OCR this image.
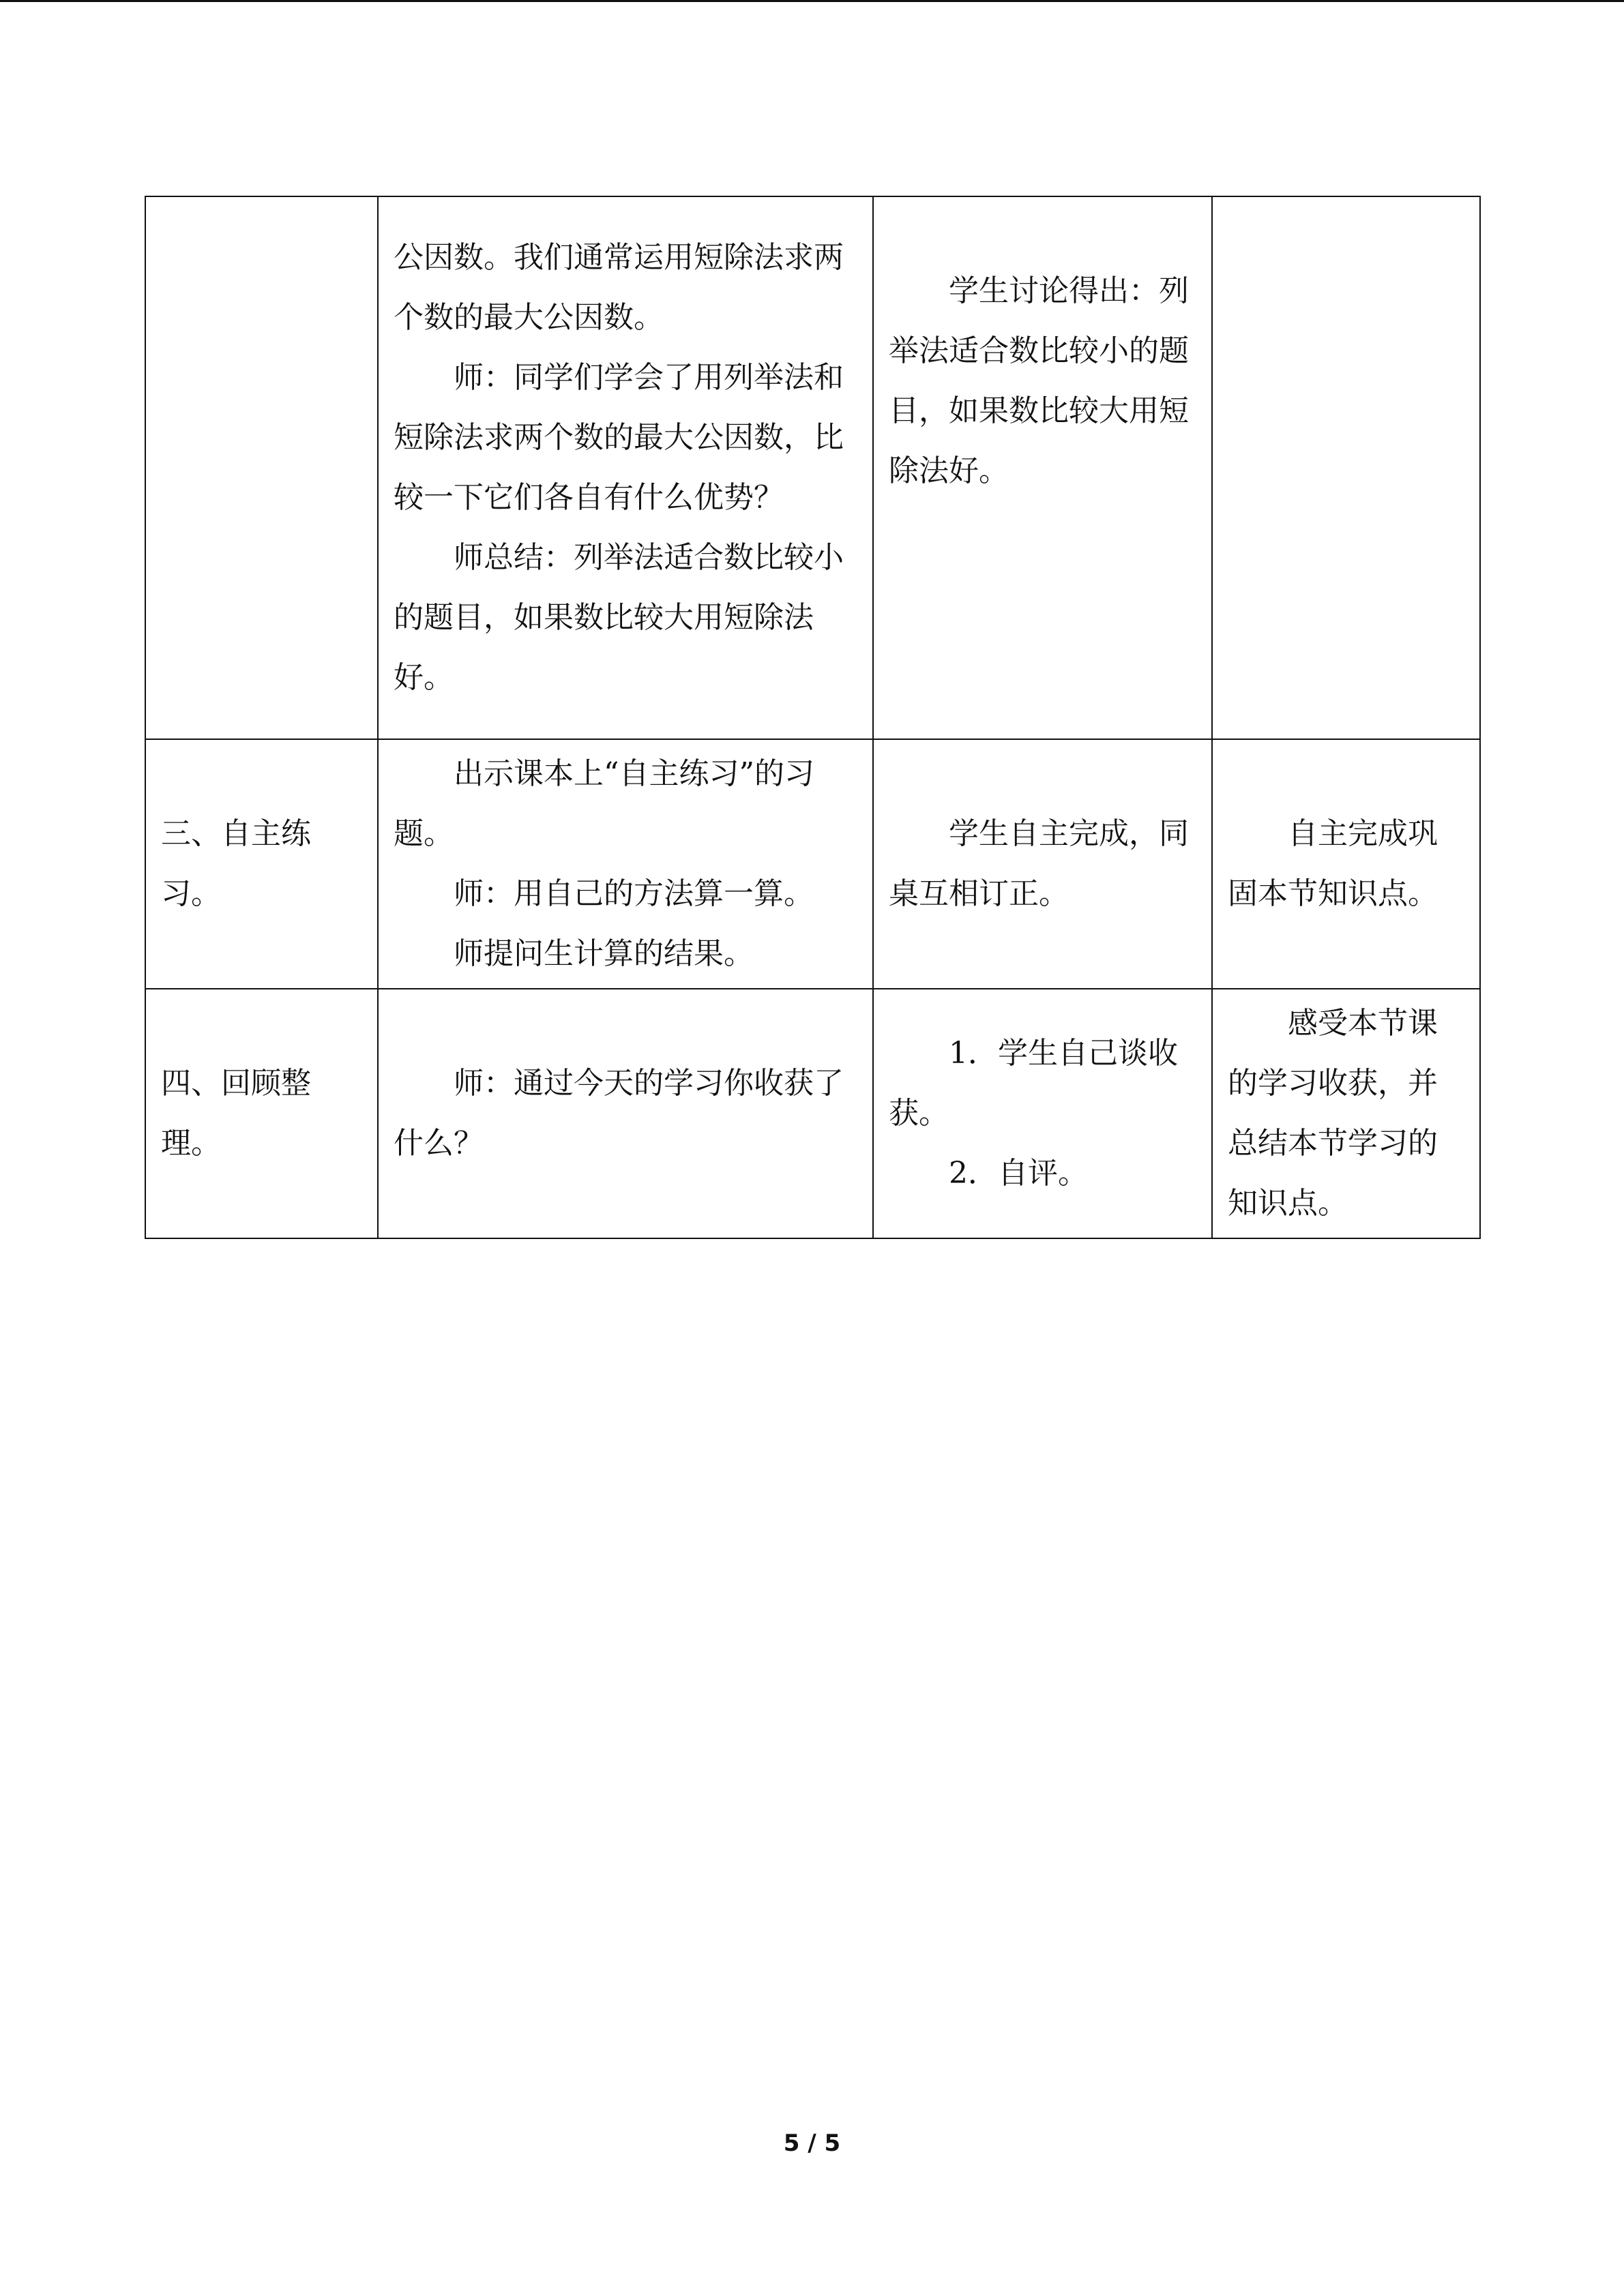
	公因数。我们通常运用短除法求两个数的最大公因数。

师：同学们学会了用列举法和短除法求两个数的最大公因数，比较一下它们各自有什么优势？

师总结：列举法适合数比较小的题目，如果数比较大用短除法好。	学生讨论得出：列举法适合数比较小的题目，如果数比较大用短除法好。	

三、自主练习。	出示课本上“自主练习”的习题。

师：用自己的方法算一算。

师提问生计算的结果。	学生自主完成，同桌互相订正。	自主完成巩固本节知识点。

四、回顾整理。	师：通过今天的学习你收获了什么？	1．学生自己谈收获。

2．自评。	感受本节课的学习收获，并总结本节学习的知识点。

5 / 5
